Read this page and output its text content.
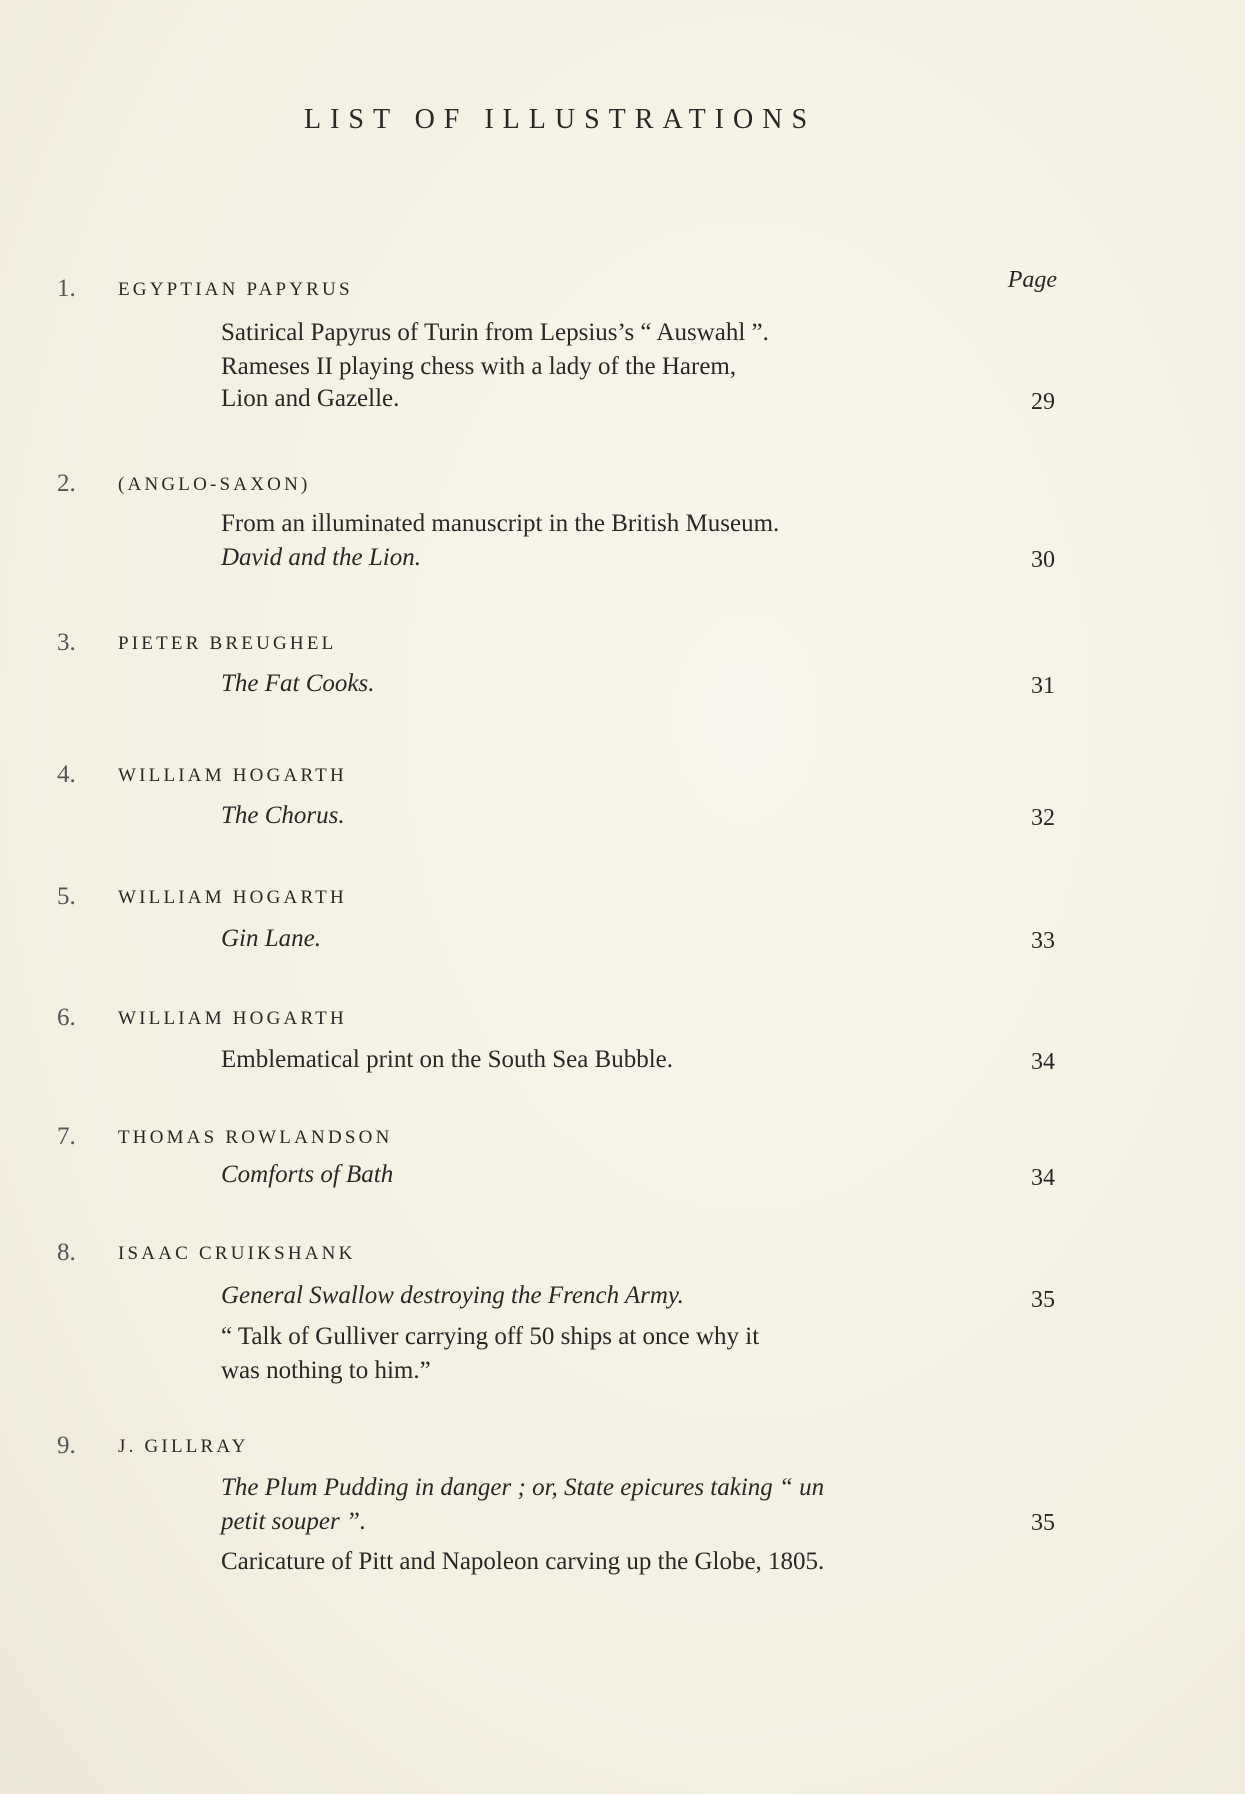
LIST OF ILLUSTRATIONS
Page
1. EGYPTIAN PAPYRUS
Satirical Papyrus of Turin from Lepsius’s “ Auswahl ”.
Rameses II playing chess with a lady of the Harem,
Lion and Gazelle.	29
2. (ANGLO-SAXON)
From an illuminated manuscript in the British Museum.
David and the Lion.	30
3. PIETER BREUGHEL
The Fat Cooks.	31
4. WILLIAM HOGARTH
The Chorus.	32
5. WILLIAM HOGARTH
Gin Lane.	33
6. WILLIAM HOGARTH
Emblematical print on the South Sea Bubble.	34
7. THOMAS ROWLANDSON
Comforts of Bath	34
8. ISAAC CRUIKSHANK
General Swallow destroying the French Army.
“ Talk of Gulliver carrying off 50 ships at once why it
was nothing to him.”
35
9. J. GILLRAY
The Plum Pudding in danger ; or, State epicures taking “ un
petit souper ”.
Caricature of Pitt and Napoleon carving up the Globe, 1805.
35
